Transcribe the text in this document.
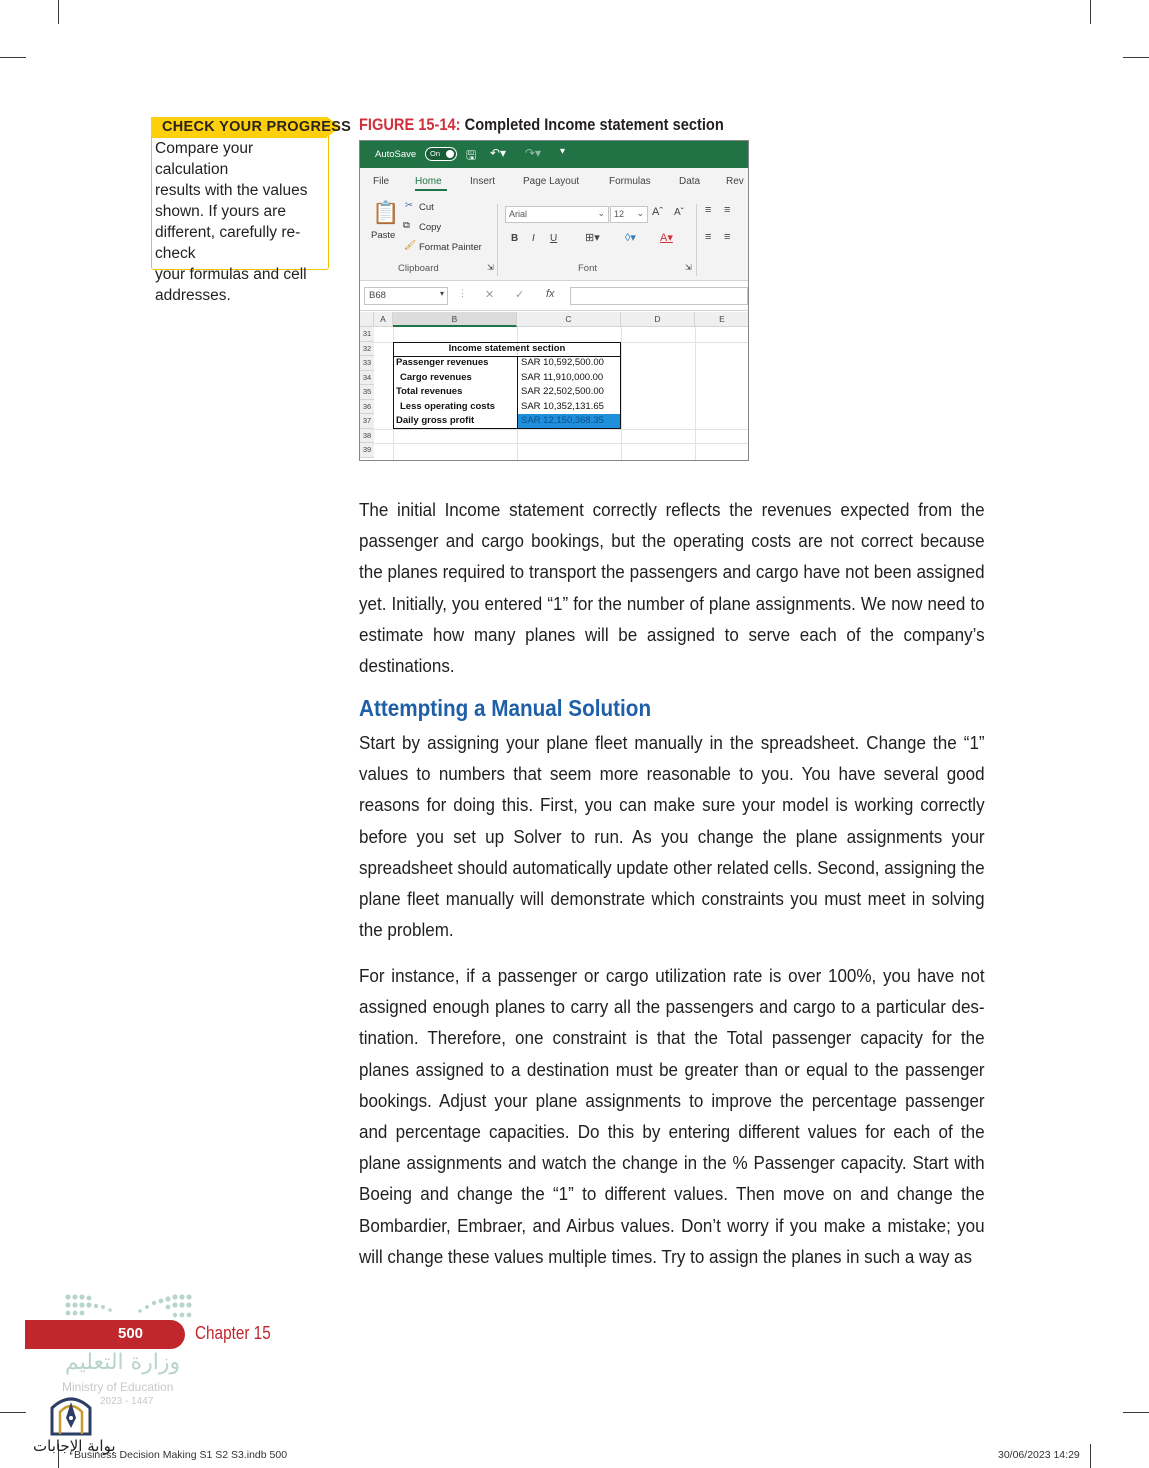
CHECK YOUR PROGRESS
Compare your calculation
results with the values
shown. If yours are
different, carefully re-check
your formulas and cell
addresses.
FIGURE 15-14: Completed Income statement section
AutoSave On 🖫 ↶▾ ↷▾ ▾
File	Home	Insert	Page Layout	Formulas	Data	Rev
📋
Paste
✂ Cut
⧉ Copy
🖌 Format Painter
Clipboard	⇲
Arial	⌄	12 ⌄ Aˆ Aˇ
B I U	⊞▾ ◊▾ A▾
Font	⇲
≡ ≡
≡ ≡
B68	▾ ⋮ ✕ ✓ fx
A	B	C	D	E
31
32
33
34
35
36
37
38
39
Income statement section
Passenger revenues	SAR 10,592,500.00
Cargo revenues	SAR 11,910,000.00
Total revenues	SAR 22,502,500.00
Less operating costs	SAR 10,352,131.65
Daily gross profit	SAR 12,150,368.35
The initial Income statement correctly reflects the revenues expected from the passenger and cargo bookings, but the operating costs are not correct because the planes required to transport the passengers and cargo have not been assigned yet. Initially, you entered “1” for the number of plane assignments. We now need to estimate how many planes will be assigned to serve each of the company’s destinations.
Attempting a Manual Solution
Start by assigning your plane fleet manually in the spreadsheet. Change the “1” values to numbers that seem more reasonable to you. You have several good reasons for doing this. First, you can make sure your model is working correctly before you set up Solver to run. As you change the plane assignments your spreadsheet should automatically update other related cells. Second, assigning the plane fleet manually will demonstrate which constraints you must meet in solving the problem.
For instance, if a passenger or cargo utilization rate is over 100%, you have not assigned enough planes to carry all the passengers and cargo to a particular des-tination. Therefore, one constraint is that the Total passenger capacity for the planes assigned to a destination must be greater than or equal to the passenger bookings. Adjust your plane assignments to improve the percentage passenger and percentage capacities. Do this by entering different values for each of the plane assignments and watch the change in the % Passenger capacity. Start with Boeing and change the “1” to different values. Then move on and change the Bombardier, Embraer, and Airbus values. Don’t worry if you make a mistake; you will change these values multiple times. Try to assign the planes in such a way as
500	Chapter 15
وزارة التعليم
Ministry of Education
2023 - 1447
بوابة الإجابات
Business Decision Making S1 S2 S3.indb 500	30/06/2023 14:29
